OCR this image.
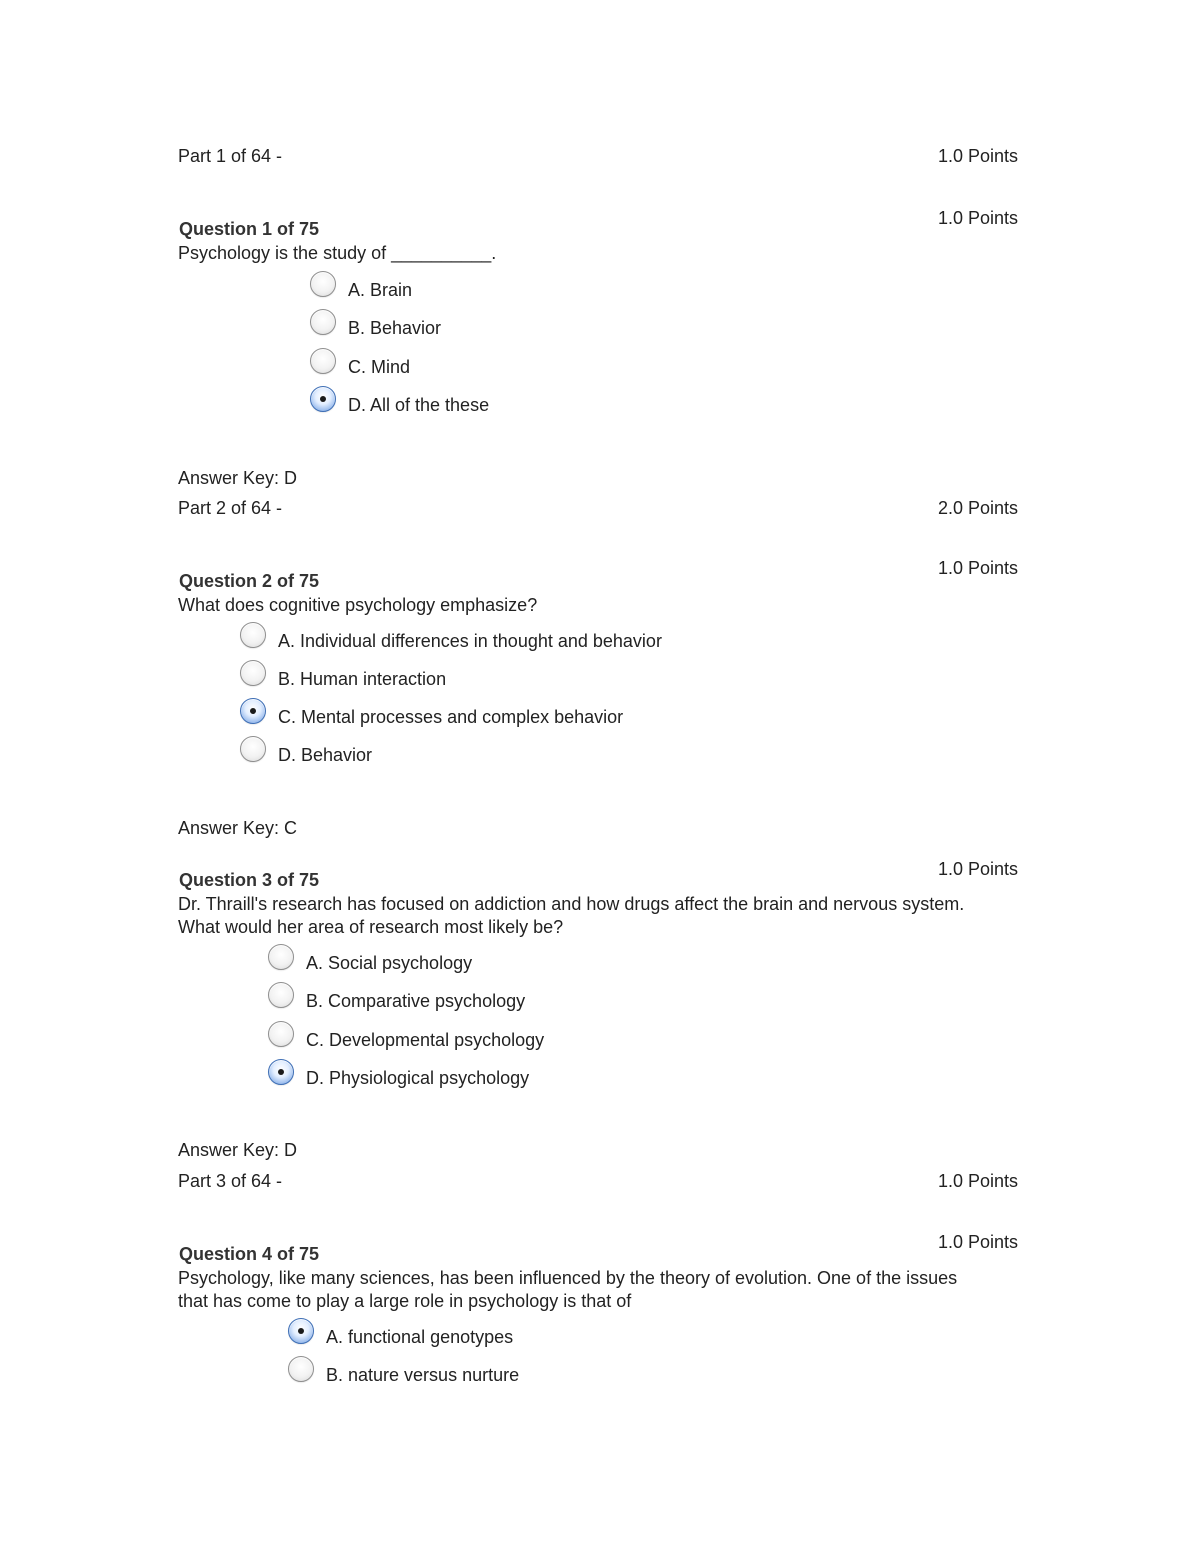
Part 1 of 64 -	1.0 Points
1.0 Points
Question 1 of 75
Psychology is the study of __________.
A. Brain
B. Behavior
C. Mind
D. All of the these
Answer Key: D
Part 2 of 64 -	2.0 Points
1.0 Points
Question 2 of 75
What does cognitive psychology emphasize?
A. Individual differences in thought and behavior
B. Human interaction
C. Mental processes and complex behavior
D. Behavior
Answer Key: C
1.0 Points
Question 3 of 75
Dr. Thraill's research has focused on addiction and how drugs affect the brain and nervous system. What would her area of research most likely be?
A. Social psychology
B. Comparative psychology
C. Developmental psychology
D. Physiological psychology
Answer Key: D
Part 3 of 64 -	1.0 Points
1.0 Points
Question 4 of 75
Psychology, like many sciences, has been influenced by the theory of evolution. One of the issues that has come to play a large role in psychology is that of
A. functional genotypes
B. nature versus nurture
